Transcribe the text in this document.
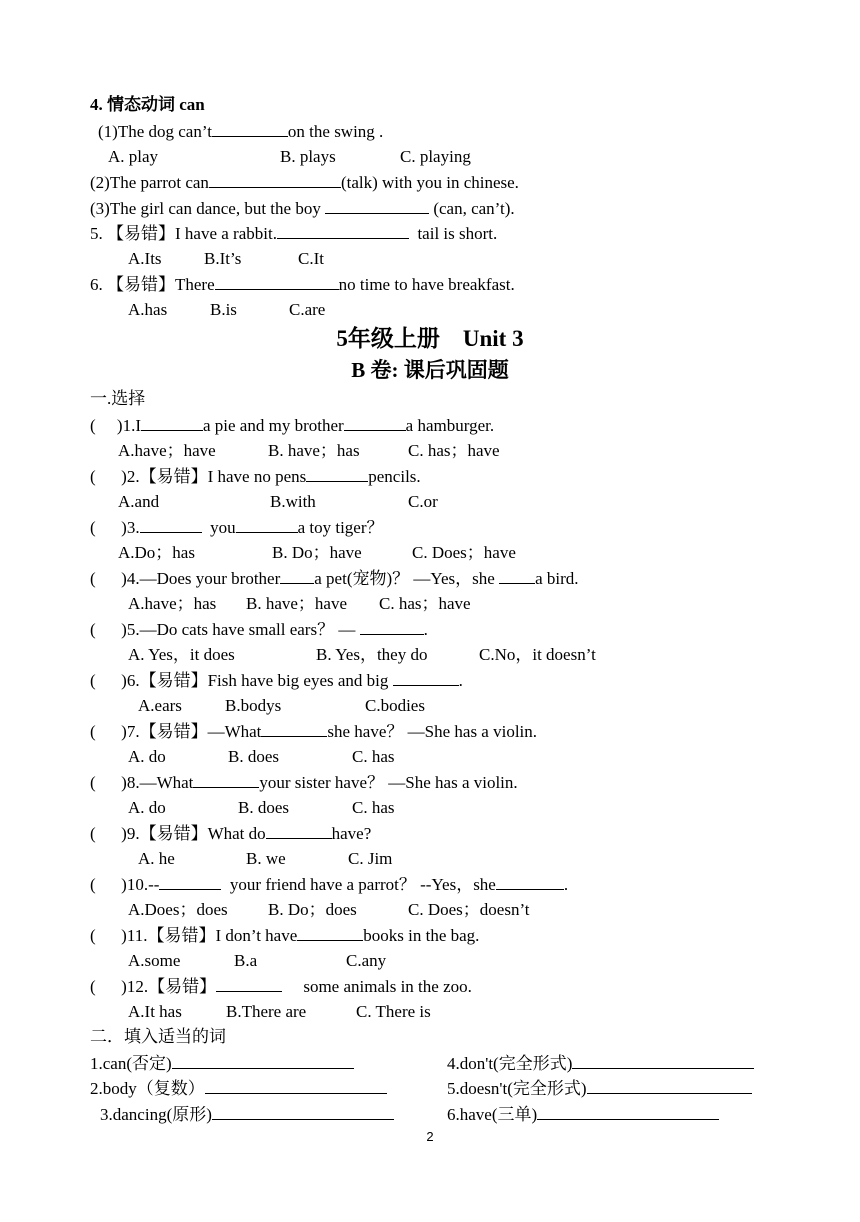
4. 情态动词 can
(1)The dog can’t	on the swing .
A. play	B. plays	C. playing
(2)The parrot can	(talk) with you in chinese.
(3)The girl can dance, but the boy	(can, can’t).
5. 【易错】I have a rabbit.	tail is short.
A.Its B.It’s	C.It
6. 【易错】There	no time to have breakfast.
A.has	B.is	C.are
5年级上册　Unit 3
B 卷: 课后巩固题
一.选择
( 　)1.I	a pie and my brother	a hamburger.
A.have；have	B. have；has	C. has；have
( 　 )2.【易错】I have no pens	pencils.
A.and	B.with	C.or
( 　 )3.	you	a toy tiger？
A.Do；has	B. Do；have	C. Does；have
( 　 )4.—Does your brother a pet(宠物)？ —Yes，she a bird.
A.have；has B. have；have C. has；have
( 　 )5.—Do cats have small ears？ —	.
A. Yes，it does	B. Yes，they do	C.No，it doesn’t
( 　 )6.【易错】Fish have big eyes and big	.
A.ears	B.bodys	C.bodies
( 　 )7.【易错】—What	she have？ —She has a violin.
A. do	B. does	C. has
( 　 )8.—What	your sister have？ —She has a violin.
A. do	B. does	C. has
( 　 )9.【易错】What do	have?
A. he	B. we	C. Jim
( 　 )10.--	your friend have a parrot？ --Yes，she	.
A.Does；does B. Do；does	C. Does；doesn’t
( 　 )11.【易错】I don’t have	books in the bag.
A.some	B.a	C.any
( 　 )12.【易错】	some animals in the zoo.
A.It has	B.There are	C. There is
二．填入适当的词
1.can(否定)
2.body（复数）
3.dancing(原形)
4.don't(完全形式)
5.doesn't(完全形式)
6.have(三单)
2
